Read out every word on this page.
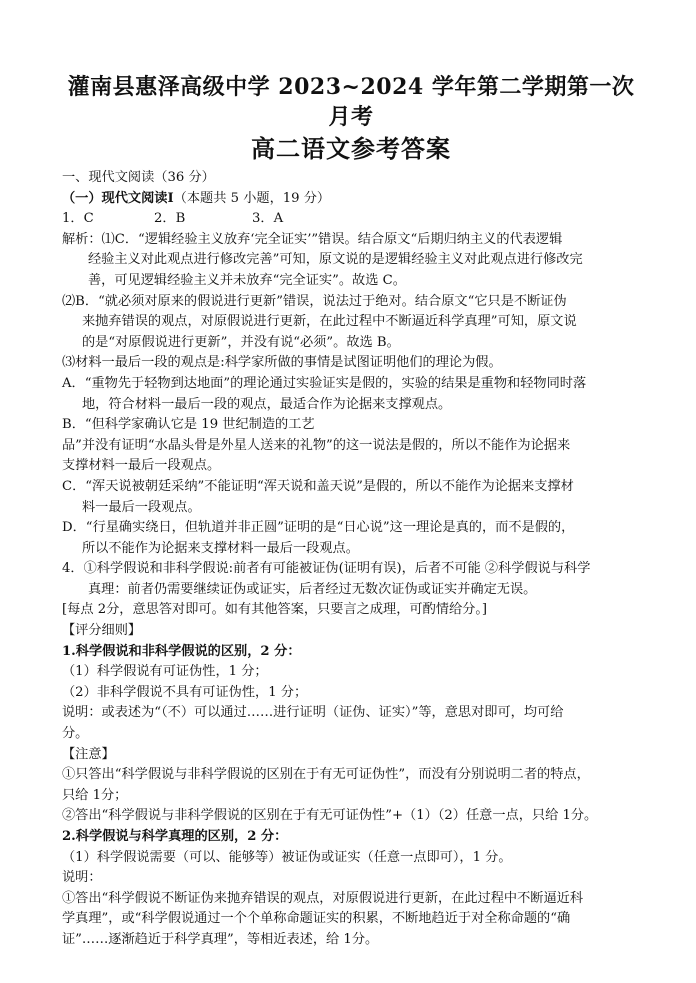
灌南县惠泽高级中学 2023~2024 学年第二学期第一次月考
高二语文参考答案

一、现代文阅读（36 分）

（一）现代文阅读Ⅰ（本题共 5 小题，19 分）

1．C	2．B	3．A

解析：⑴C．“逻辑经验主义放弃‘完全证实’”错误。结合原文“后期归纳主义的代表逻辑

经验主义对此观点进行修改完善”可知，原文说的是逻辑经验主义对此观点进行修改完

善，可见逻辑经验主义并未放弃“完全证实”。故选 C。

⑵B．“就必须对原来的假说进行更新”错误，说法过于绝对。结合原文“它只是不断证伪

来抛弃错误的观点，对原假说进行更新，在此过程中不断逼近科学真理”可知，原文说

的是“对原假说进行更新”，并没有说“必须”。故选 B。

⑶材料一最后一段的观点是:科学家所做的事情是试图证明他们的理论为假。

A．“重物先于轻物到达地面”的理论通过实验证实是假的，实验的结果是重物和轻物同时落

地，符合材料一最后一段的观点，最适合作为论据来支撑观点。

B．“但科学家确认它是 19 世纪制造的工艺

品”并没有证明“水晶头骨是外星人送来的礼物”的这一说法是假的，所以不能作为论据来

支撑材料一最后一段观点。

C．“浑天说被朝廷采纳”不能证明“浑天说和盖天说”是假的，所以不能作为论据来支撑材

料一最后一段观点。

D．“行星确实绕日，但轨道并非正圆”证明的是“日心说”这一理论是真的，而不是假的，

所以不能作为论据来支撑材料一最后一段观点。

4．①科学假说和非科学假说:前者有可能被证伪(证明有误)，后者不可能 ②科学假说与科学

真理：前者仍需要继续证伪或证实，后者经过无数次证伪或证实并确定无误。

[每点 2分，意思答对即可。如有其他答案，只要言之成理，可酌情给分。]

【评分细则】

1.科学假说和非科学假说的区别，2 分：

（1）科学假说有可证伪性，1 分；

（2）非科学假说不具有可证伪性，1 分；

说明：或表述为“（不）可以通过……进行证明（证伪、证实）”等，意思对即可，均可给

分。

【注意】

①只答出“科学假说与非科学假说的区别在于有无可证伪性”，而没有分别说明二者的特点，

只给 1分；

②答出“科学假说与非科学假说的区别在于有无可证伪性”+（1）（2）任意一点，只给 1分。

2.科学假说与科学真理的区别，2 分：

（1）科学假说需要（可以、能够等）被证伪或证实（任意一点即可），1 分。

说明：

①答出“科学假说不断证伪来抛弃错误的观点，对原假说进行更新，在此过程中不断逼近科

学真理”，或“科学假说通过一个个单称命题证实的积累，不断地趋近于对全称命题的“确

证”……逐渐趋近于科学真理”，等相近表述，给 1分。
